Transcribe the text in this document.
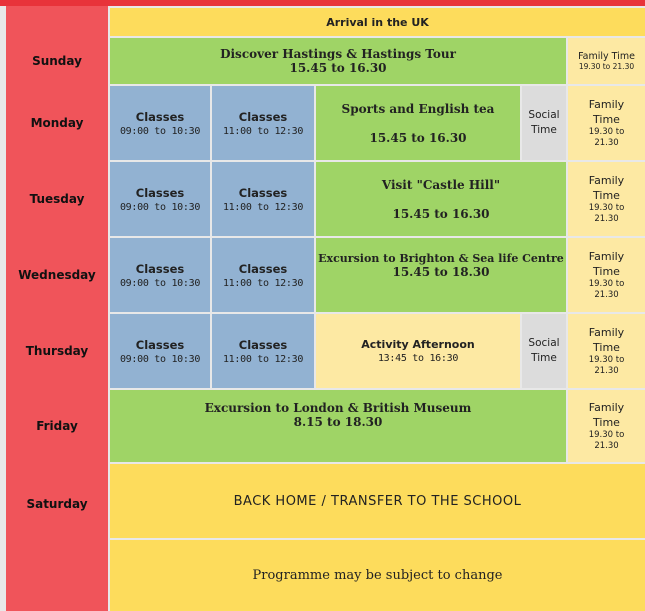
Sunday
Monday
Tuesday
Wednesday
Thursday
Friday
Saturday
Arrival in the UK
Discover Hastings & Hastings Tour
15.45 to 16.30
Family Time
19.30 to 21.30
Classes
09:00 to 10:30
Classes
11:00 to 12:30
Sports and English tea
15.45 to 16.30
Social
Time
Family
Time
19.30 to
21.30
Classes
09:00 to 10:30
Classes
11:00 to 12:30
Visit "Castle Hill"
15.45 to 16.30
Family
Time
19.30 to
21.30
Classes
09:00 to 10:30
Classes
11:00 to 12:30
Excursion to Brighton & Sea life Centre
15.45 to 18.30
Family
Time
19.30 to
21.30
Classes
09:00 to 10:30
Classes
11:00 to 12:30
Activity Afternoon
13:45 to 16:30
Social
Time
Family
Time
19.30 to
21.30
Excursion to London & British Museum
8.15 to 18.30
Family
Time
19.30 to
21.30
BACK HOME / TRANSFER TO THE SCHOOL
Programme may be subject to change
